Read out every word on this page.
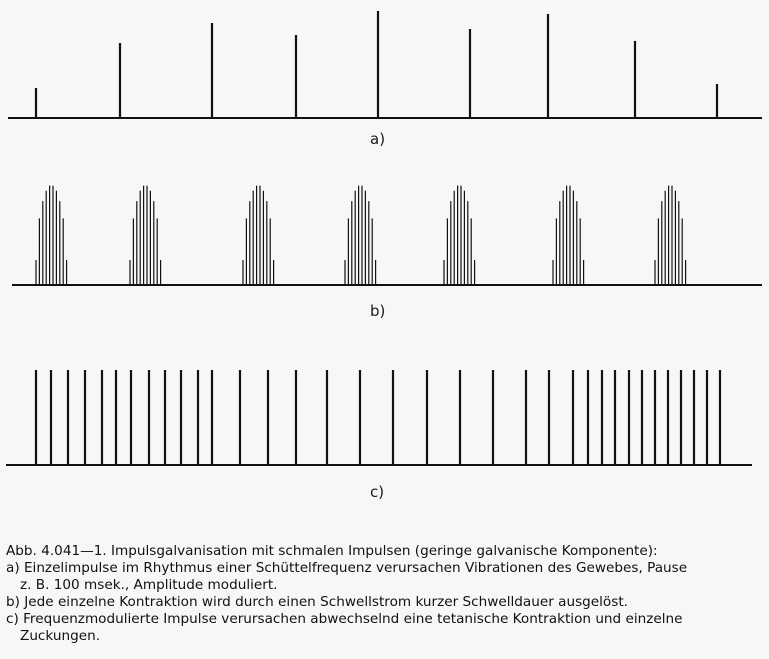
a)
b)
c)
Abb. 4.041—1. Impulsgalvanisation mit schmalen Impulsen (geringe galvanische Komponente):
a) Einzelimpulse im Rhythmus einer Schüttelfrequenz verursachen Vibrationen des Gewebes, Pause
z. B. 100 msek., Amplitude moduliert.
b) Jede einzelne Kontraktion wird durch einen Schwellstrom kurzer Schwelldauer ausgelöst.
c) Frequenzmodulierte Impulse verursachen abwechselnd eine tetanische Kontraktion und einzelne
Zuckungen.
